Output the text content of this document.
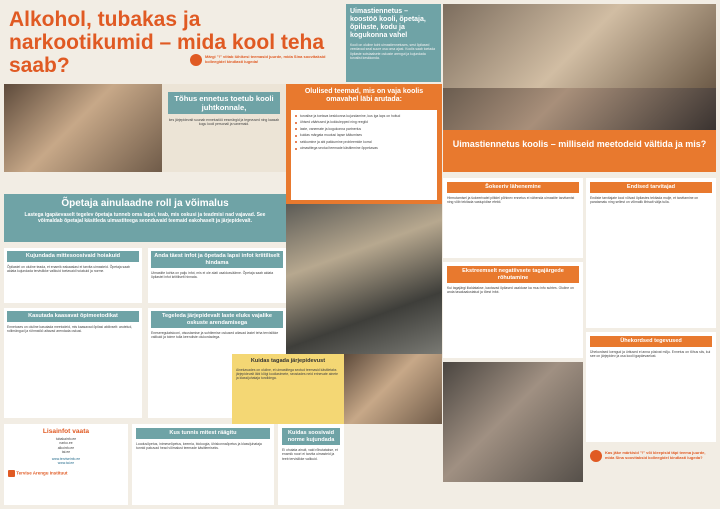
Alkohol, tubakas ja narkootikumid – mida kool teha saab?	Märgi "!" viitab lühikesi teemasid juurde, mida Sina soovitaksid kolleegidel kindlasti lugeda!
Uimastiennetus – koostöö kooli, õpetaja, õpilaste, kodu ja kogukonna vahel
Kooli on oluline koht uimastiennetuses, sest õpilased veedavad seal suure osa oma ajast. Koolis saab toetada õpilaste sotsiaalsete oskuste arengut ja kujundada turvalist keskkonda.
Tõhus ennetus toetub kooli juhtkonnale,
kes järjepidevalt suunab ennetustöö eesmärgid ja tegevused ning kaasab kogu kooli personali ja vanemaid.
Olulised teemad, mis on vaja koolis omavahel läbi arutada:
turvalise ja toetava keskkonna kujundamine, kus iga laps on hoitud
ühised väärtused ja kokkulepped ning reeglid
laste, vanemate ja kogukonna partnerlus
kuidas märgata muutusi lapse käitumises
sekkumine ja abi pakkumine probleemide korral
uimastitega seotud teemade käsitlemine õppekavas	Uimastiennetus koolis – milliseid meetodeid vältida ja mis?
Õpetaja ainulaadne roll ja võimalus
Lastega igapäevaselt tegelev õpetaja tunneb oma lapsi, teab, mis oskusi ja teadmisi nad vajavad. See võimaldab õpetajal käsitleda uimastiteega seonduvaid teemaid eakohaselt ja järjepidevalt.
Kujundada mittesoosivaid hoiakuid
Õpilastel on oluline teada, et enamik eakaaslasi ei tarvita uimasteid. Õpetaja saab aidata kujundada tervislikke valikuid toetavaid hoiakuid ja norme.
Kasutada kaasavat õpimeetodikat
Ennetuses on oluline kasutada meetodeid, mis kaasavad õpilasi aktiivselt: arutelud, rollimängud ja rühmatöö aitavad arendada oskusi.
Anda täest infot ja õpetada lapsi infot kriitiliselt hindama
Uimastite kohta on palju infot, mis ei ole alati usaldusväärne. Õpetaja saab aidata õpilastel infot kriitiliselt hinnata.
Tegeleda järjepidevalt laste eluks vajalike oskuste arendamisega
Eneseregulatsiooni, otsustamise ja suhtlemise oskused aitavad lastel teha tervislikke valikuid ja toime tulla keeruliste olukordadega.
Kuidas tagada järjepidevust
Ainekavades on oluline, et uimastitega seotud teemasid käsitletaks järjepidevalt läbi kõigi kooliastmete, seostades neid erinevate ainete ja klassijuhataja tundidega.
Lisainfot vaata
tubakainfo.ee
narko.ee
alkoinfo.ee
tai.ee
www.terviseinfo.ee
www.tai.ee
Tervise Arengu Instituut
Kus tunnis mitest räägitu
Loodusõpetus, inimeseõpetus, keemia, bioloogia, ühiskonnaõpetus ja klassijuhataja tunnid pakuvad head võimalust teemade käsitlemiseks.
Kuidas soosivaid norme kujundada
Ei ohutata ainult, vaid rõhutatakse, et enamik noori ei tarvita uimasteid ja teeb tervislikke valikuid.
Šokeeriv lähenemine
Hirmutamisel ja šokeerivatel piltidel põhinev ennetus ei vähenda uimastite tarvitamist ning võib tekitada vastupidise efekti.
Ekstreemselt negatiivsete tagajärgede rõhutamine
Kui tagajärgi liialdatakse, kaotavad õpilased usalduse ka muu info suhtes. Oluline on anda tasakaalustatud ja tõest infot.
Endised tarvitajad
Endiste tarvitajate lood võivad õpilastes tekitada mulje, et tarvitamine on paratamatu ning sellest on võimalik lihtsalt välja tulla.
Ühekordsed tegevused
Ühekordsed loengud ja üritused ei anna püsivat mõju. Ennetus on tõhus siis, kui see on järjepidev ja osa kooli igapäevaelust.
Kas jäke märkisid "!" või kleepisid täpi teema juurde, mida Sina soovitaksid kolleegidel kindlasti lugeda?
